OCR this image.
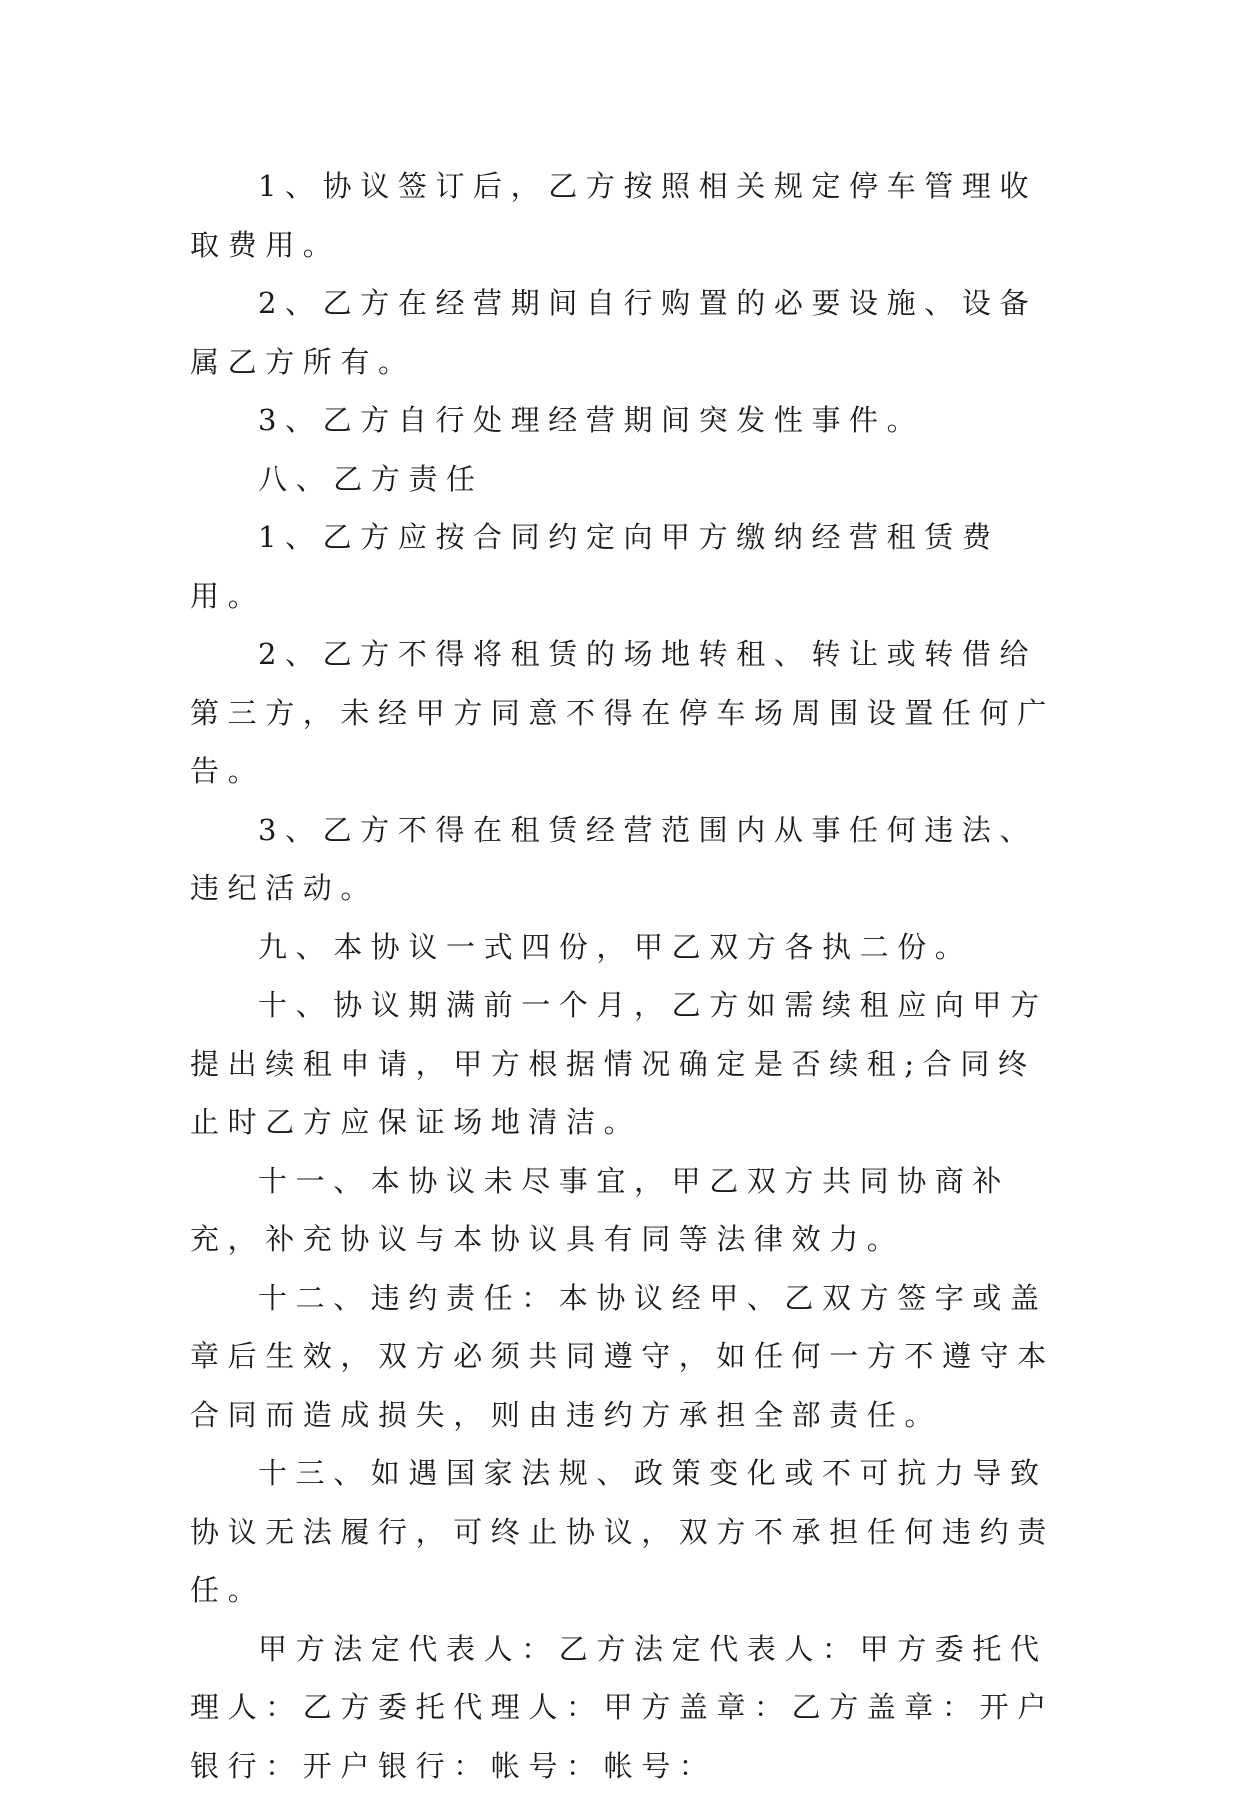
1、协议签订后，乙方按照相关规定停车管理收取费用。

2、乙方在经营期间自行购置的必要设施、设备属乙方所有。

3、乙方自行处理经营期间突发性事件。

八、乙方责任

1、乙方应按合同约定向甲方缴纳经营租赁费用。

2、乙方不得将租赁的场地转租、转让或转借给第三方，未经甲方同意不得在停车场周围设置任何广告。

3、乙方不得在租赁经营范围内从事任何违法、违纪活动。

九、本协议一式四份，甲乙双方各执二份。

十、协议期满前一个月，乙方如需续租应向甲方提出续租申请，甲方根据情况确定是否续租;合同终止时乙方应保证场地清洁。

十一、本协议未尽事宜，甲乙双方共同协商补充，补充协议与本协议具有同等法律效力。

十二、违约责任：本协议经甲、乙双方签字或盖章后生效，双方必须共同遵守，如任何一方不遵守本合同而造成损失，则由违约方承担全部责任。

十三、如遇国家法规、政策变化或不可抗力导致协议无法履行，可终止协议，双方不承担任何违约责任。

甲方法定代表人：乙方法定代表人：甲方委托代理人：乙方委托代理人：甲方盖章：乙方盖章：开户银行：开户银行：帐号：帐号：
